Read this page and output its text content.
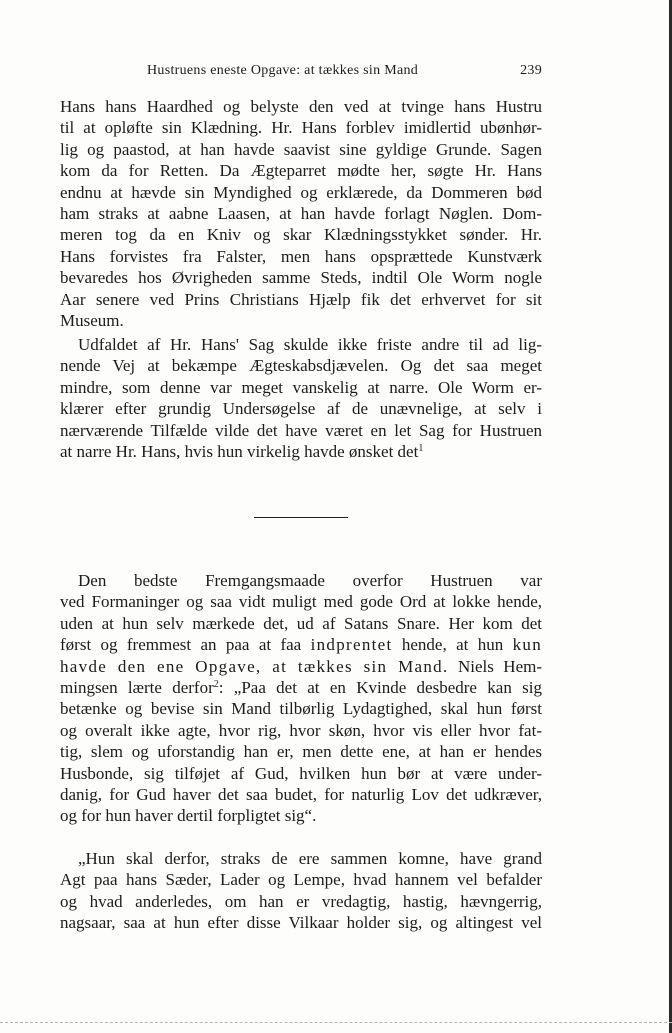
Hustruens eneste Opgave: at tækkes sin Mand	239
Hans hans Haardhed og belyste den ved at tvinge hans Hustru
til at opløfte sin Klædning. Hr. Hans forblev imidlertid ubønhør-
lig og paastod, at han havde saavist sine gyldige Grunde. Sagen
kom da for Retten. Da Ægteparret mødte her, søgte Hr. Hans
endnu at hævde sin Myndighed og erklærede, da Dommeren bød
ham straks at aabne Laasen, at han havde forlagt Nøglen. Dom-
meren tog da en Kniv og skar Klædningsstykket sønder. Hr.
Hans forvistes fra Falster, men hans opsprættede Kunstværk
bevaredes hos Øvrigheden samme Steds, indtil Ole Worm nogle
Aar senere ved Prins Christians Hjælp fik det erhvervet for sit
Museum.
Udfaldet af Hr. Hans' Sag skulde ikke friste andre til ad lig-
nende Vej at bekæmpe Ægteskabsdjævelen. Og det saa meget
mindre, som denne var meget vanskelig at narre. Ole Worm er-
klærer efter grundig Undersøgelse af de unævnelige, at selv i
nærværende Tilfælde vilde det have været en let Sag for Hustruen
at narre Hr. Hans, hvis hun virkelig havde ønsket $\det^1$
Den bedste Fremgangsmaade overfor Hustruen var
ved Formaninger og saa vidt muligt med gode Ord at lokke hende,
uden at hun selv mærkede det, ud af Satans Snare. Her kom det
først og fremmest an paa at faa indprentet hende, at hun kun
havde den ene Opgave, at tækkes sin Mand. Niels Hem-
mingsen lærte derfor$^2$: „Paa det at en Kvinde desbedre kan sig
betænke og bevise sin Mand tilbørlig Lydagtighed, skal hun først
og overalt ikke agte, hvor rig, hvor skøn, hvor vis eller hvor fat-
tig, slem og uforstandig han er, men dette ene, at han er hendes
Husbonde, sig tilføjet af Gud, hvilken hun bør at være under-
danig, for Gud haver det saa budet, for naturlig Lov det udkræver,
og for hun haver dertil forpligtet sig“.
„Hun skal derfor, straks de ere sammen komne, have grand
Agt paa hans Sæder, Lader og Lempe, hvad hannem vel befalder
og hvad anderledes, om han er vredagtig, hastig, hævngerrig,
nagsaar, saa at hun efter disse Vilkaar holder sig, og altingest vel
